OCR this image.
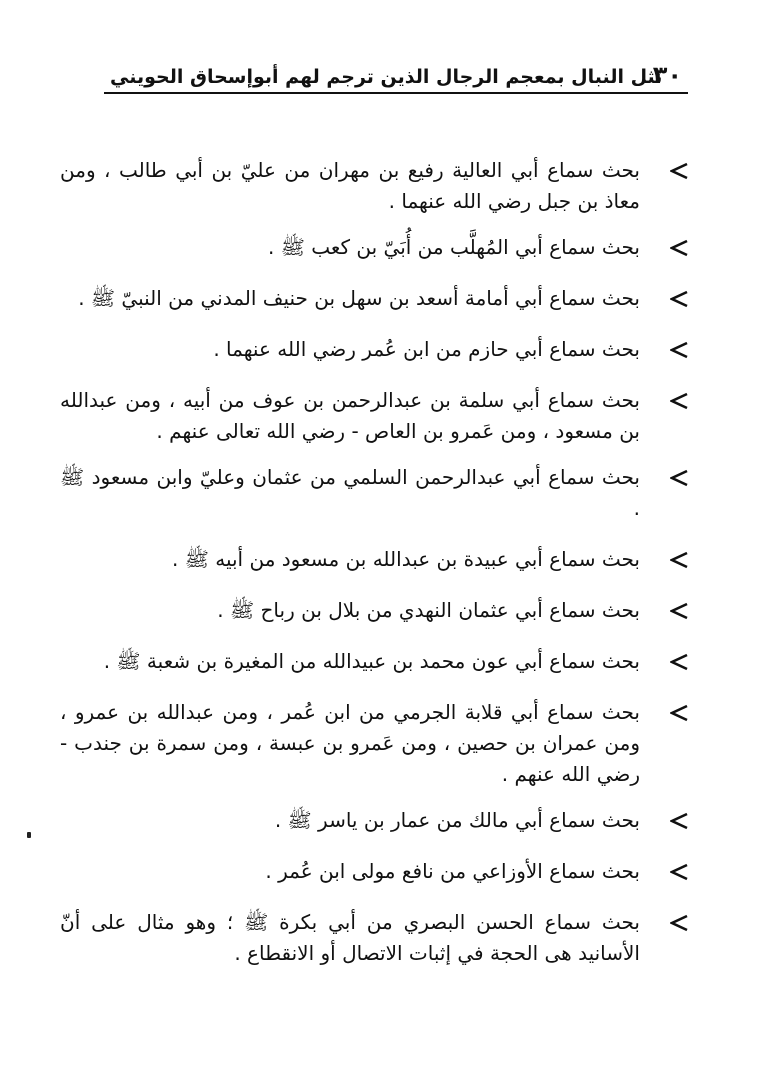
٣٠
نثل النبال بمعجم الرجال الذين ترجم لهم أبوإسحاق الحويني
بحث سماع أبي العالية رفيع بن مهران من عليّ بن أبي طالب ، ومن معاذ بن جبل رضي الله عنهما .
بحث سماع أبي المُهلَّب من أُبَيّ بن كعب ﷺ .
بحث سماع أبي أمامة أسعد بن سهل بن حنيف المدني من النبيّ ﷺ .
بحث سماع أبي حازم من ابن عُمر رضي الله عنهما .
بحث سماع أبي سلمة بن عبدالرحمن بن عوف من أبيه ، ومن عبدالله بن مسعود ، ومن عَمرو بن العاص - رضي الله تعالى عنهم .
بحث سماع أبي عبدالرحمن السلمي من عثمان وعليّ وابن مسعود ﷺ .
بحث سماع أبي عبيدة بن عبدالله بن مسعود من أبيه ﷺ .
بحث سماع أبي عثمان النهدي من بلال بن رباح ﷺ .
بحث سماع أبي عون محمد بن عبيدالله من المغيرة بن شعبة ﷺ .
بحث سماع أبي قلابة الجرمي من ابن عُمر ، ومن عبدالله بن عمرو ، ومن عمران بن حصين ، ومن عَمرو بن عبسة ، ومن سمرة بن جندب - رضي الله عنهم .
بحث سماع أبي مالك من عمار بن ياسر ﷺ .
بحث سماع الأوزاعي من نافع مولى ابن عُمر .
بحث سماع الحسن البصري من أبي بكرة ﷺ ؛ وهو مثال على أنّ الأسانيد هى الحجة في إثبات الاتصال أو الانقطاع .
